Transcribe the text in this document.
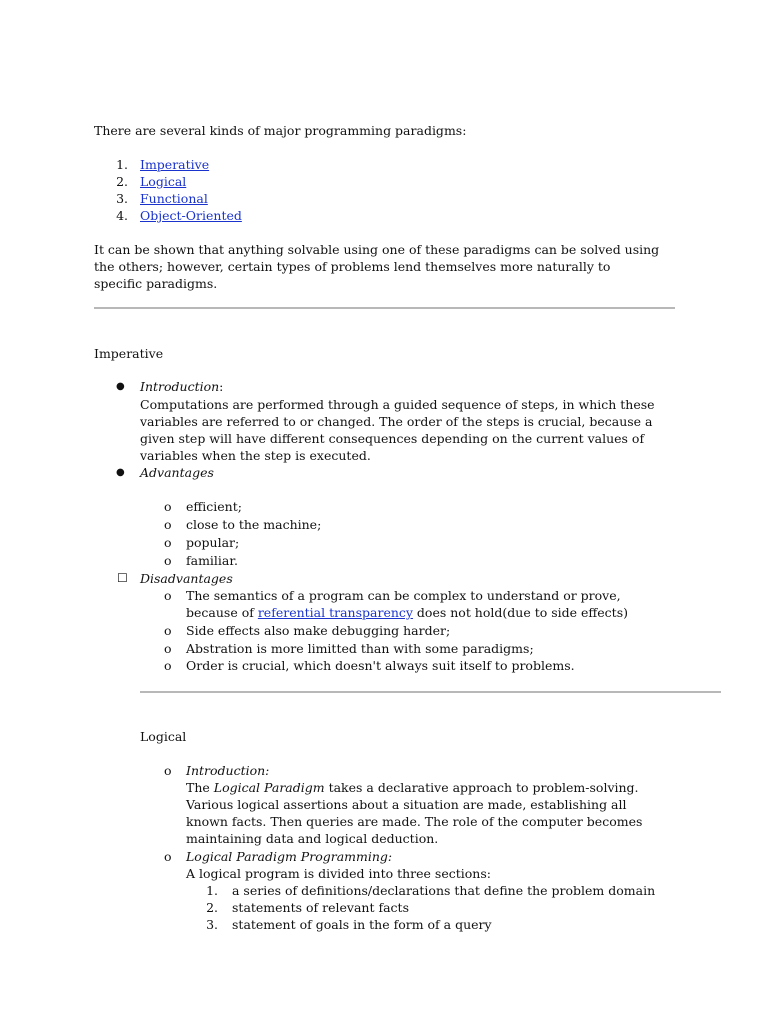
There are several kinds of major programming paradigms:
1. Imperative
2. Logical
3. Functional
4. Object-Oriented
It can be shown that anything solvable using one of these paradigms can be solved using
the others; however, certain types of problems lend themselves more naturally to
specific paradigms.
Imperative
● Introduction:
Computations are performed through a guided sequence of steps, in which these
variables are referred to or changed. The order of the steps is crucial, because a
given step will have different consequences depending on the current values of
variables when the step is executed.
● Advantages
o efficient;
o close to the machine;
o popular;
o familiar.
☐ Disadvantages
o The semantics of a program can be complex to understand or prove,
because of referential transparency does not hold(due to side effects)
o Side effects also make debugging harder;
o Abstration is more limitted than with some paradigms;
o Order is crucial, which doesn't always suit itself to problems.
Logical
o Introduction:
The Logical Paradigm takes a declarative approach to problem-solving.
Various logical assertions about a situation are made, establishing all
known facts. Then queries are made. The role of the computer becomes
maintaining data and logical deduction.
o Logical Paradigm Programming:
A logical program is divided into three sections:
1. a series of definitions/declarations that define the problem domain
2. statements of relevant facts
3. statement of goals in the form of a query
